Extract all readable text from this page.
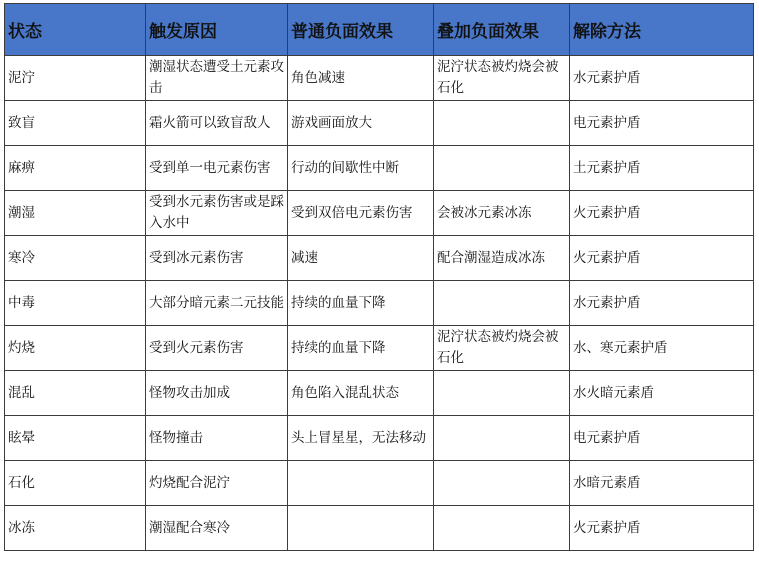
状态	触发原因	普通负面效果	叠加负面效果	解除方法
泥泞	潮湿状态遭受土元素攻击	角色减速	泥泞状态被灼烧会被石化	水元素护盾
致盲	霜火箭可以致盲敌人	游戏画面放大		电元素护盾
麻痹	受到单一电元素伤害	行动的间歇性中断		土元素护盾
潮湿	受到水元素伤害或是踩入水中	受到双倍电元素伤害	会被冰元素冰冻	火元素护盾
寒冷	受到冰元素伤害	减速	配合潮湿造成冰冻	火元素护盾
中毒	大部分暗元素二元技能	持续的血量下降		水元素护盾
灼烧	受到火元素伤害	持续的血量下降	泥泞状态被灼烧会被石化	水、寒元素护盾
混乱	怪物攻击加成	角色陷入混乱状态		水火暗元素盾
眩晕	怪物撞击	头上冒星星，无法移动		电元素护盾
石化	灼烧配合泥泞			水暗元素盾
冰冻	潮湿配合寒冷			火元素护盾
